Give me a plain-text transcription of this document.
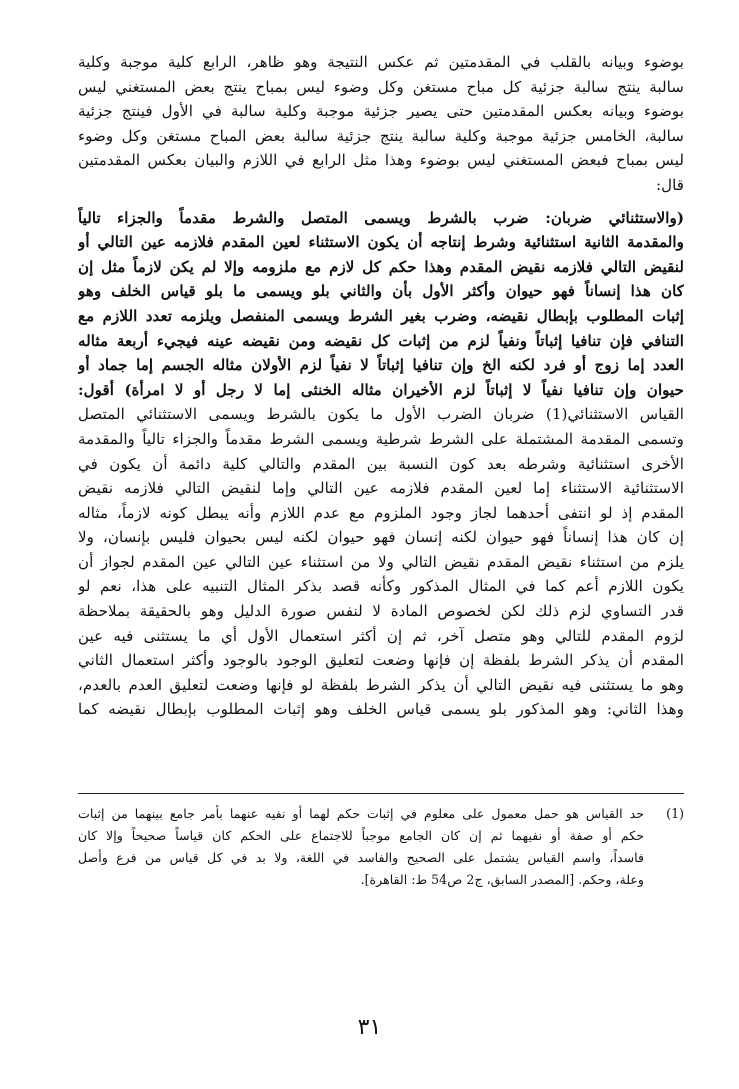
بوضوء وبيانه بالقلب في المقدمتين ثم عكس النتيجة وهو ظاهر، الرابع كلية موجبة وكلية
سالبة ينتج سالبة جزئية كل مباح مستغن وكل وضوء ليس بمباح ينتج بعض المستغني ليس
بوضوء وبيانه بعكس المقدمتين حتى يصير جزئية موجبة وكلية سالبة في الأول فينتج جزئية
سالبة، الخامس جزئية موجبة وكلية سالبة ينتج جزئية سالبة بعض المباح مستغن وكل وضوء
ليس بمباح فبعض المستغني ليس بوضوء وهذا مثل الرابع في اللازم والبيان بعكس المقدمتين
قال:
(والاستثنائي ضربان: ضرب بالشرط ويسمى المتصل والشرط مقدماً والجزاء تالياً
والمقدمة الثانية استثنائية وشرط إنتاجه أن يكون الاستثناء لعين المقدم فلازمه عين التالي أو
لنقيض التالي فلازمه نقيض المقدم وهذا حكم كل لازم مع ملزومه وإلا لم يكن لازماً مثل إن
كان هذا إنساناً فهو حيوان وأكثر الأول بأن والثاني بلو ويسمى ما بلو قياس الخلف وهو
إثبات المطلوب بإبطال نقيضه، وضرب بغير الشرط ويسمى المنفصل ويلزمه تعدد اللازم مع
التنافي فإن تنافيا إثباتاً ونفياً لزم من إثبات كل نقيضه ومن نقيضه عينه فيجيء أربعة مثاله
العدد إما زوج أو فرد لكنه الخ وإن تنافيا إثباتاً لا نفياً لزم الأولان مثاله الجسم إما جماد أو
حيوان وإن تنافيا نفياً لا إثباتاً لزم الأخيران مثاله الخنثى إما لا رجل أو لا امرأة) أقول:
القياس الاستثنائي(1) ضربان الضرب الأول ما يكون بالشرط ويسمى الاستثنائي المتصل
وتسمى المقدمة المشتملة على الشرط شرطية ويسمى الشرط مقدماً والجزاء تالياً والمقدمة
الأخرى استثنائية وشرطه بعد كون النسبة بين المقدم والتالي كلية دائمة أن يكون في
الاستثنائية الاستثناء إما لعين المقدم فلازمه عين التالي وإما لنقيض التالي فلازمه نقيض
المقدم إذ لو انتفى أحدهما لجاز وجود الملزوم مع عدم اللازم وأنه يبطل كونه لازماً، مثاله
إن كان هذا إنساناً فهو حيوان لكنه إنسان فهو حيوان لكنه ليس بحيوان فليس بإنسان، ولا
يلزم من استثناء نقيض المقدم نقيض التالي ولا من استثناء عين التالي عين المقدم لجواز أن
يكون اللازم أعم كما في المثال المذكور وكأنه قصد بذكر المثال التنبيه على هذا، نعم لو
قدر التساوي لزم ذلك لكن لخصوص المادة لا لنفس صورة الدليل وهو بالحقيقة بملاحظة
لزوم المقدم للتالي وهو متصل آخر، ثم إن أكثر استعمال الأول أي ما يستثنى فيه عين
المقدم أن يذكر الشرط بلفظة إن فإنها وضعت لتعليق الوجود بالوجود وأكثر استعمال الثاني
وهو ما يستثنى فيه نقيض التالي أن يذكر الشرط بلفظة لو فإنها وضعت لتعليق العدم بالعدم،
وهذا الثاني: وهو المذكور بلو يسمى قياس الخلف وهو إثبات المطلوب بإبطال نقيضه كما
(1)
حد القياس هو حمل معمول على معلوم في إثبات حكم لهما أو نفيه عنهما بأمر جامع بينهما من إثبات
حكم أو صفة أو نفيهما ثم إن كان الجامع موجباً للاجتماع على الحكم كان قياساً صحيحاً وإلا كان
فاسداً، واسم القياس يشتمل على الصحيح والفاسد في اللغة، ولا بد في كل قياس من فرع وأصل
وعلة، وحكم. [المصدر السابق، ج2 ص54 ط: القاهرة].
٣١
